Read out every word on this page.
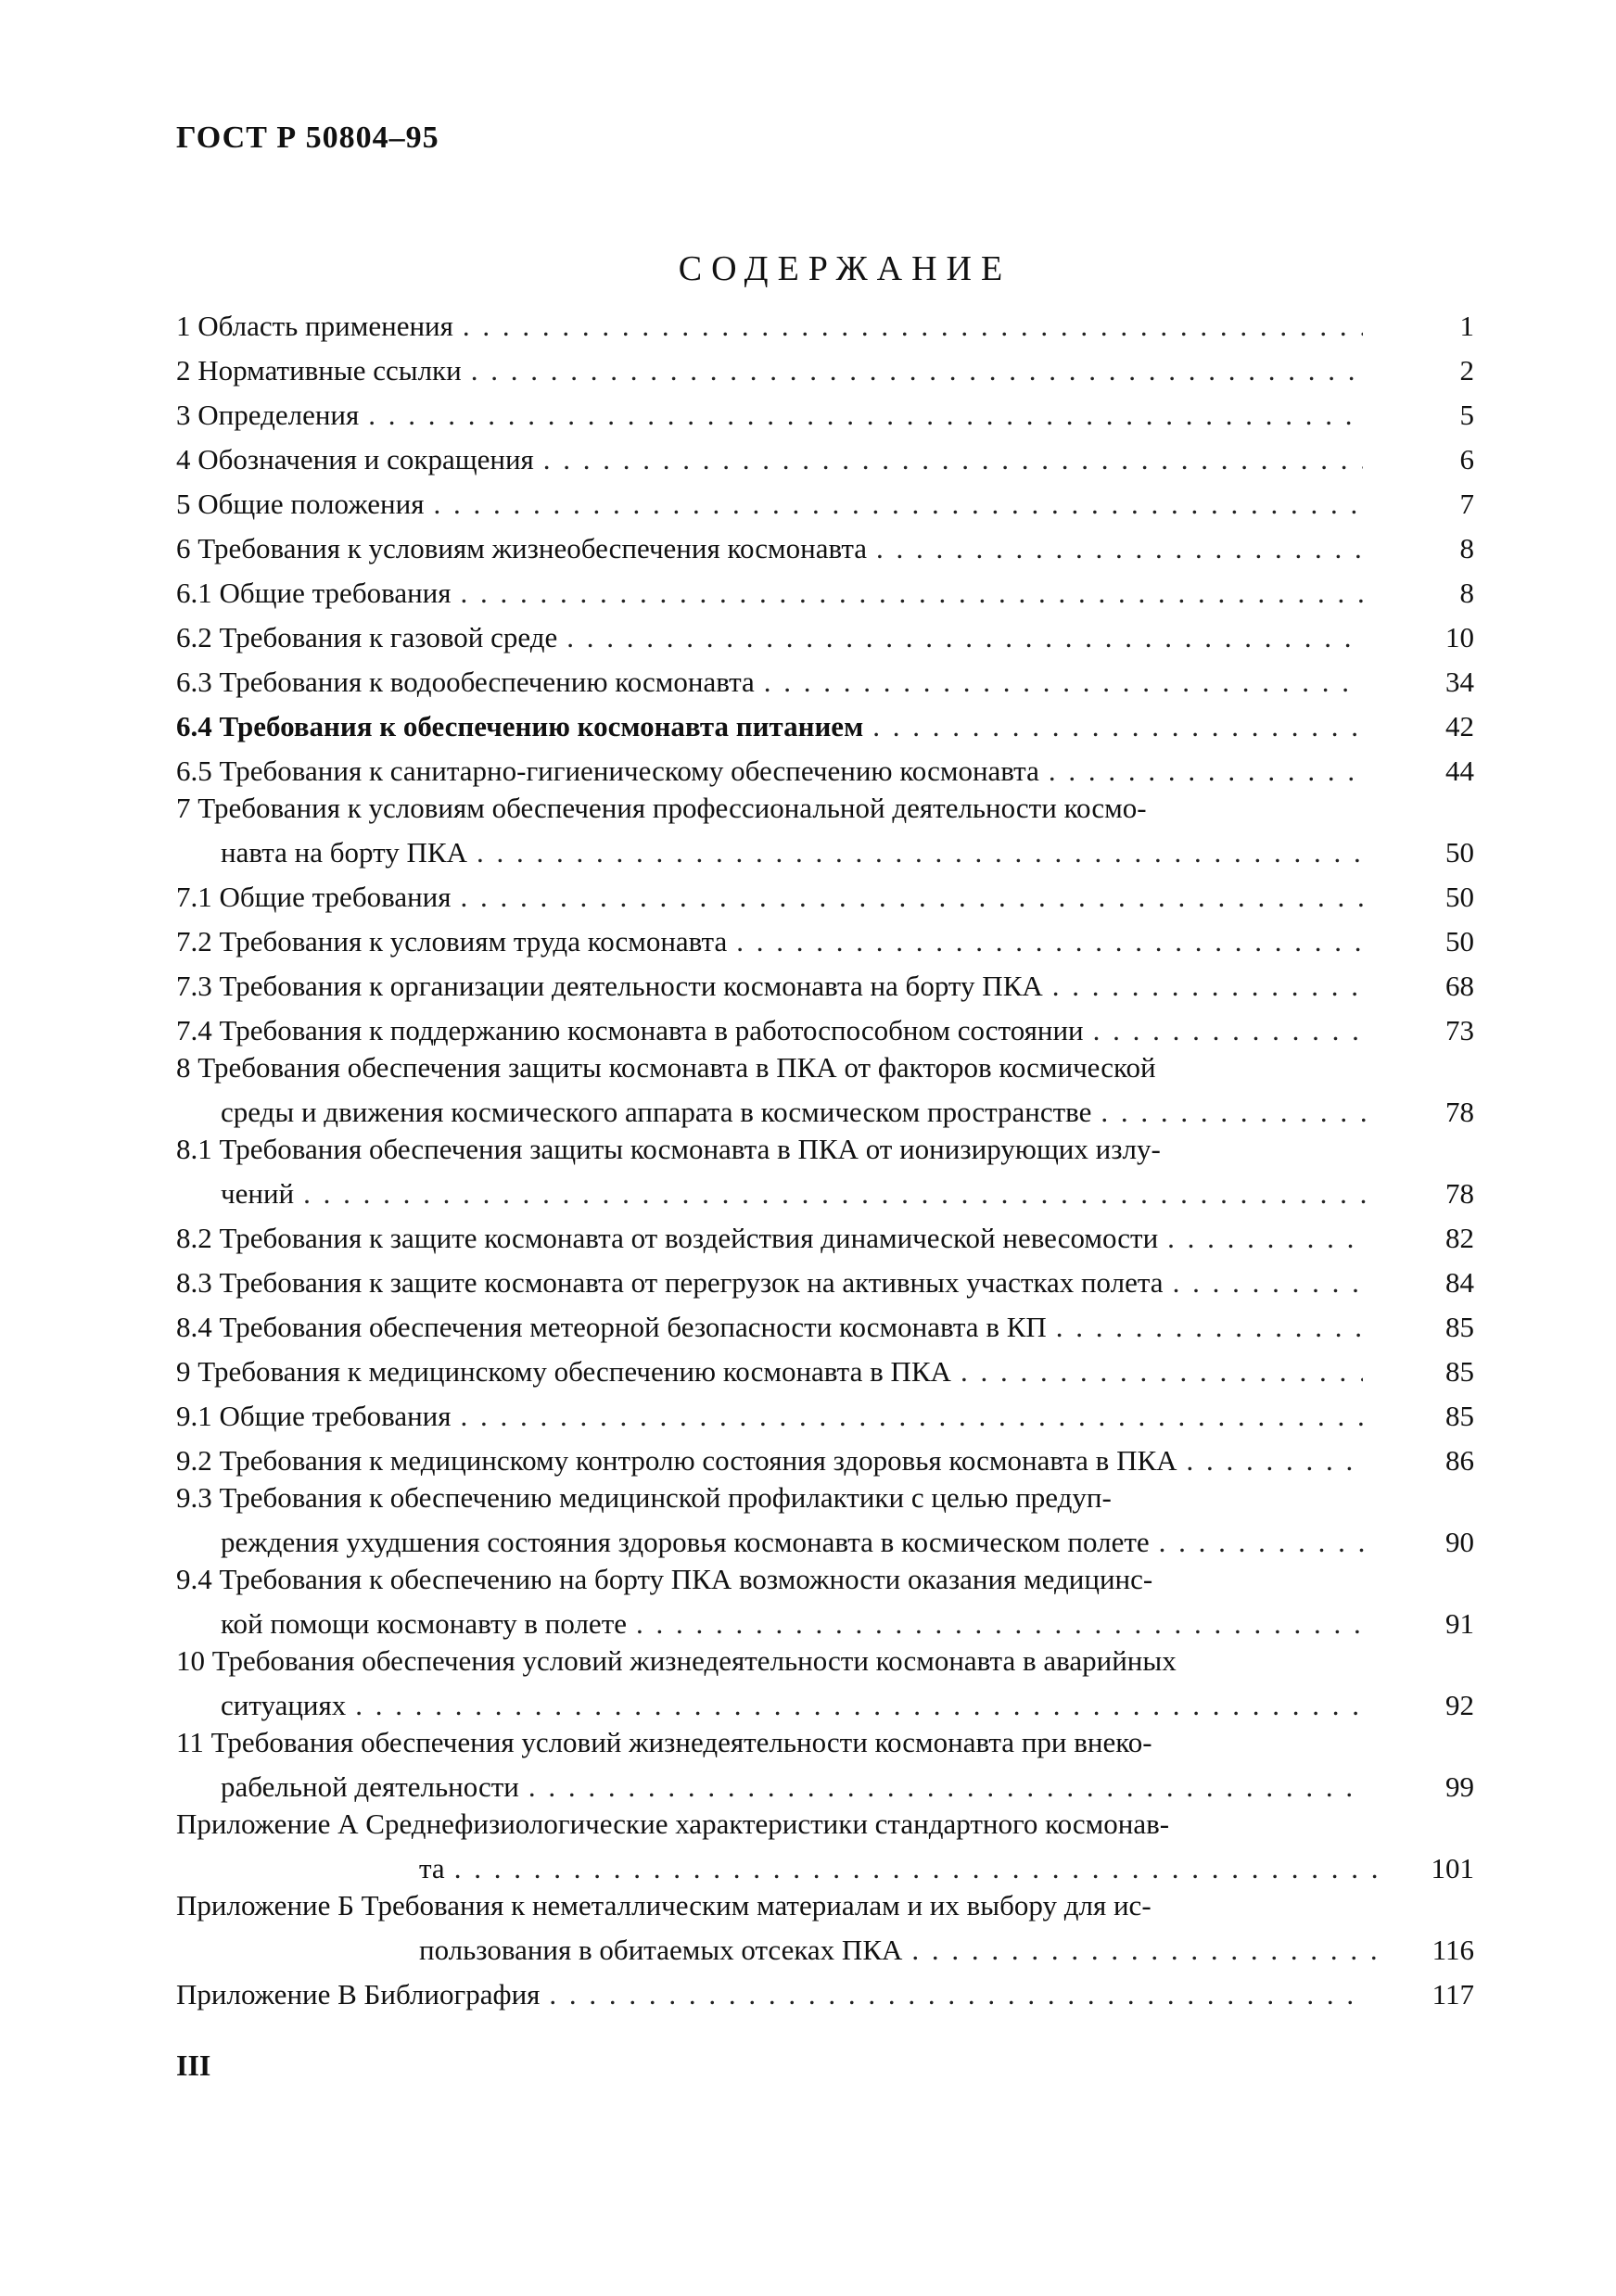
ГОСТ Р 50804–95
СОДЕРЖАНИЕ
1 Область применения . . .	1
2 Нормативные ссылки . . .	2
3 Определения . . .	5
4 Обозначения и сокращения . . .	6
5 Общие положения . . .	7
6 Требования к условиям жизнеобеспечения космонавта . . .	8
6.1 Общие требования . . .	8
6.2 Требования к газовой среде . . .	10
6.3 Требования к водообеспечению космонавта . . .	34
6.4 Требования к обеспечению космонавта питанием . . .	42
6.5 Требования к санитарно-гигиеническому обеспечению космонавта . . .	44
7 Требования к условиям обеспечения профессиональной деятельности космо-
навта на борту ПКА . . .	50
7.1 Общие требования . . .	50
7.2 Требования к условиям труда космонавта . . .	50
7.3 Требования к организации деятельности космонавта на борту ПКА . . .	68
7.4 Требования к поддержанию космонавта в работоспособном состоянии . . .	73
8 Требования обеспечения защиты космонавта в ПКА от факторов космической
среды и движения космического аппарата в космическом пространстве . . .	78
8.1 Требования обеспечения защиты космонавта в ПКА от ионизирующих излу-
чений . . .	78
8.2 Требования к защите космонавта от воздействия динамической невесомости . . .	82
8.3 Требования к защите космонавта от перегрузок на активных участках полета . . .	84
8.4 Требования обеспечения метеорной безопасности космонавта в КП . . .	85
9 Требования к медицинскому обеспечению космонавта в ПКА . . .	85
9.1 Общие требования . . .	85
9.2 Требования к медицинскому контролю состояния здоровья космонавта в ПКА . . .	86
9.3 Требования к обеспечению медицинской профилактики с целью предуп-
реждения ухудшения состояния здоровья космонавта в космическом полете . . .	90
9.4 Требования к обеспечению на борту ПКА возможности оказания медицинс-
кой помощи космонавту в полете . . .	91
10 Требования обеспечения условий жизнедеятельности космонавта в аварийных
ситуациях . . .	92
11 Требования обеспечения условий жизнедеятельности космонавта при внеко-
рабельной деятельности . . .	99
Приложение А Среднефизиологические характеристики стандартного космонав-
та . . .	101
Приложение Б Требования к неметаллическим материалам и их выбору для ис-
пользования в обитаемых отсеках ПКА . . .	116
Приложение В Библиография . . .	117
III
